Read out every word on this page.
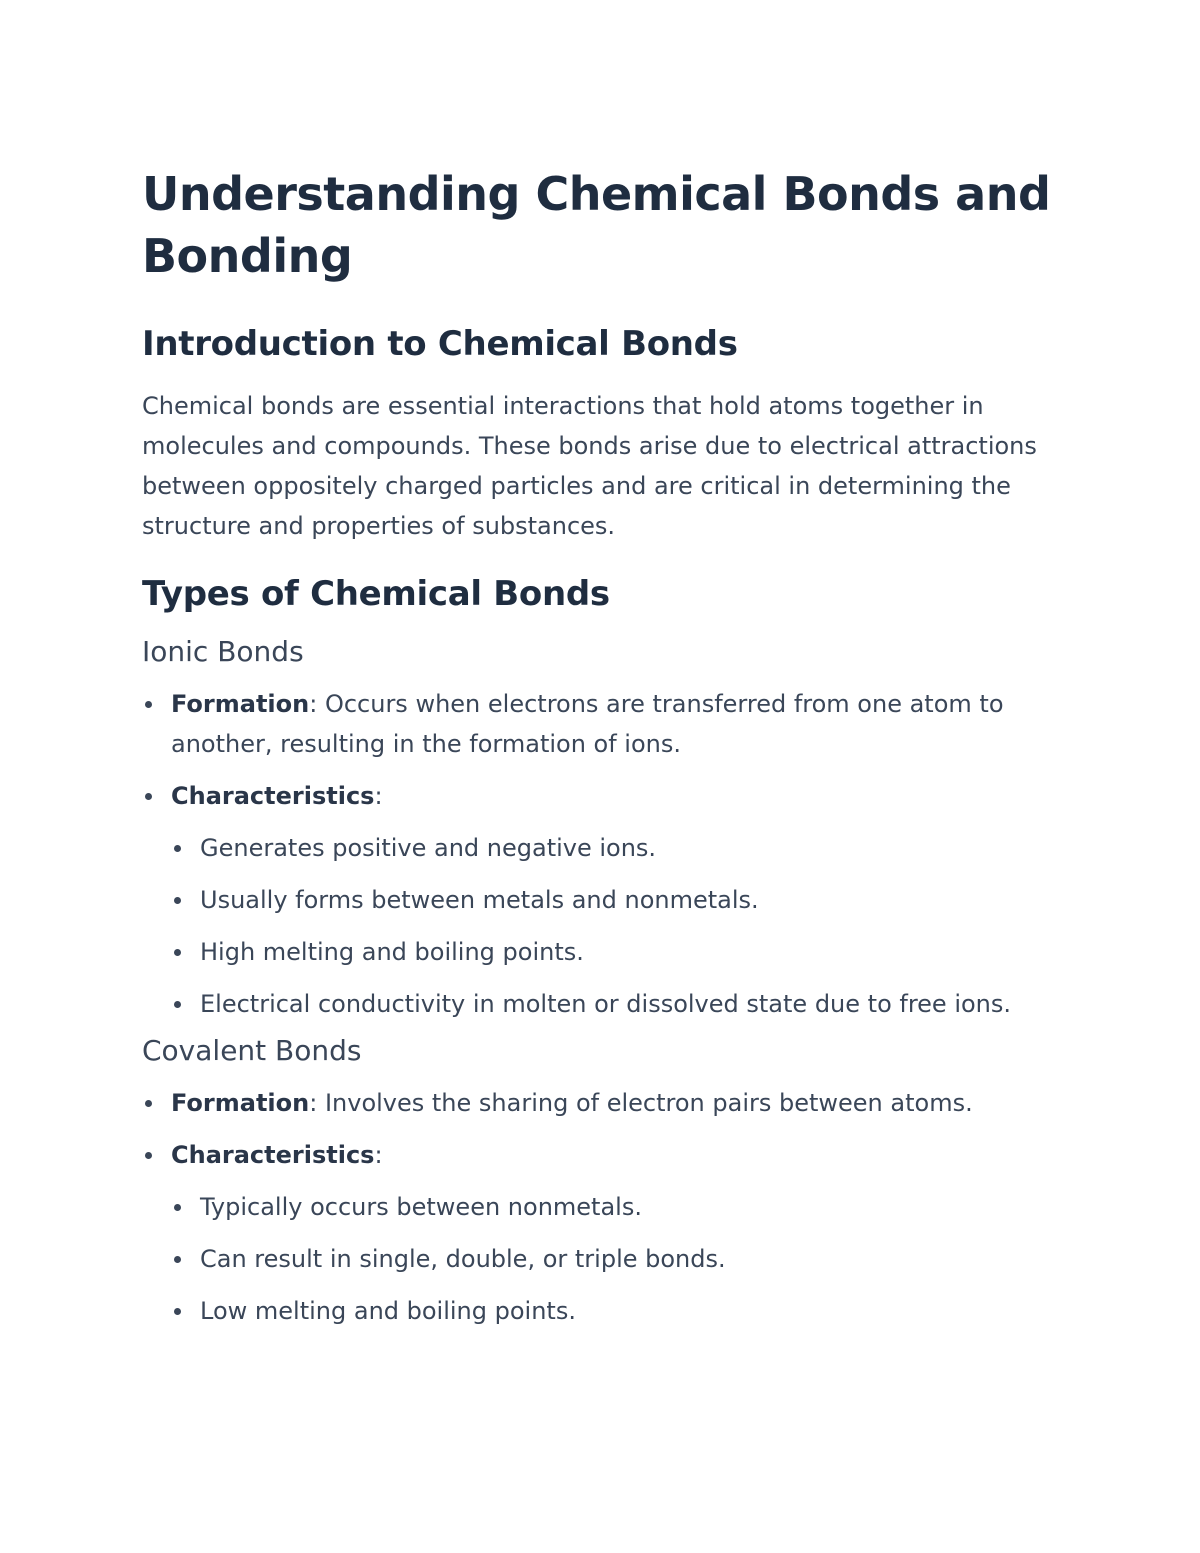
Understanding Chemical Bonds and Bonding
Introduction to Chemical Bonds

Chemical bonds are essential interactions that hold atoms together in molecules and compounds. These bonds arise due to electrical attractions between oppositely charged particles and are critical in determining the structure and properties of substances.

Types of Chemical Bonds
Ionic Bonds
Formation: Occurs when electrons are transferred from one atom to another, resulting in the formation of ions.
Characteristics:
Generates positive and negative ions.
Usually forms between metals and nonmetals.
High melting and boiling points.
Electrical conductivity in molten or dissolved state due to free ions.
Covalent Bonds
Formation: Involves the sharing of electron pairs between atoms.
Characteristics:
Typically occurs between nonmetals.
Can result in single, double, or triple bonds.
Low melting and boiling points.
